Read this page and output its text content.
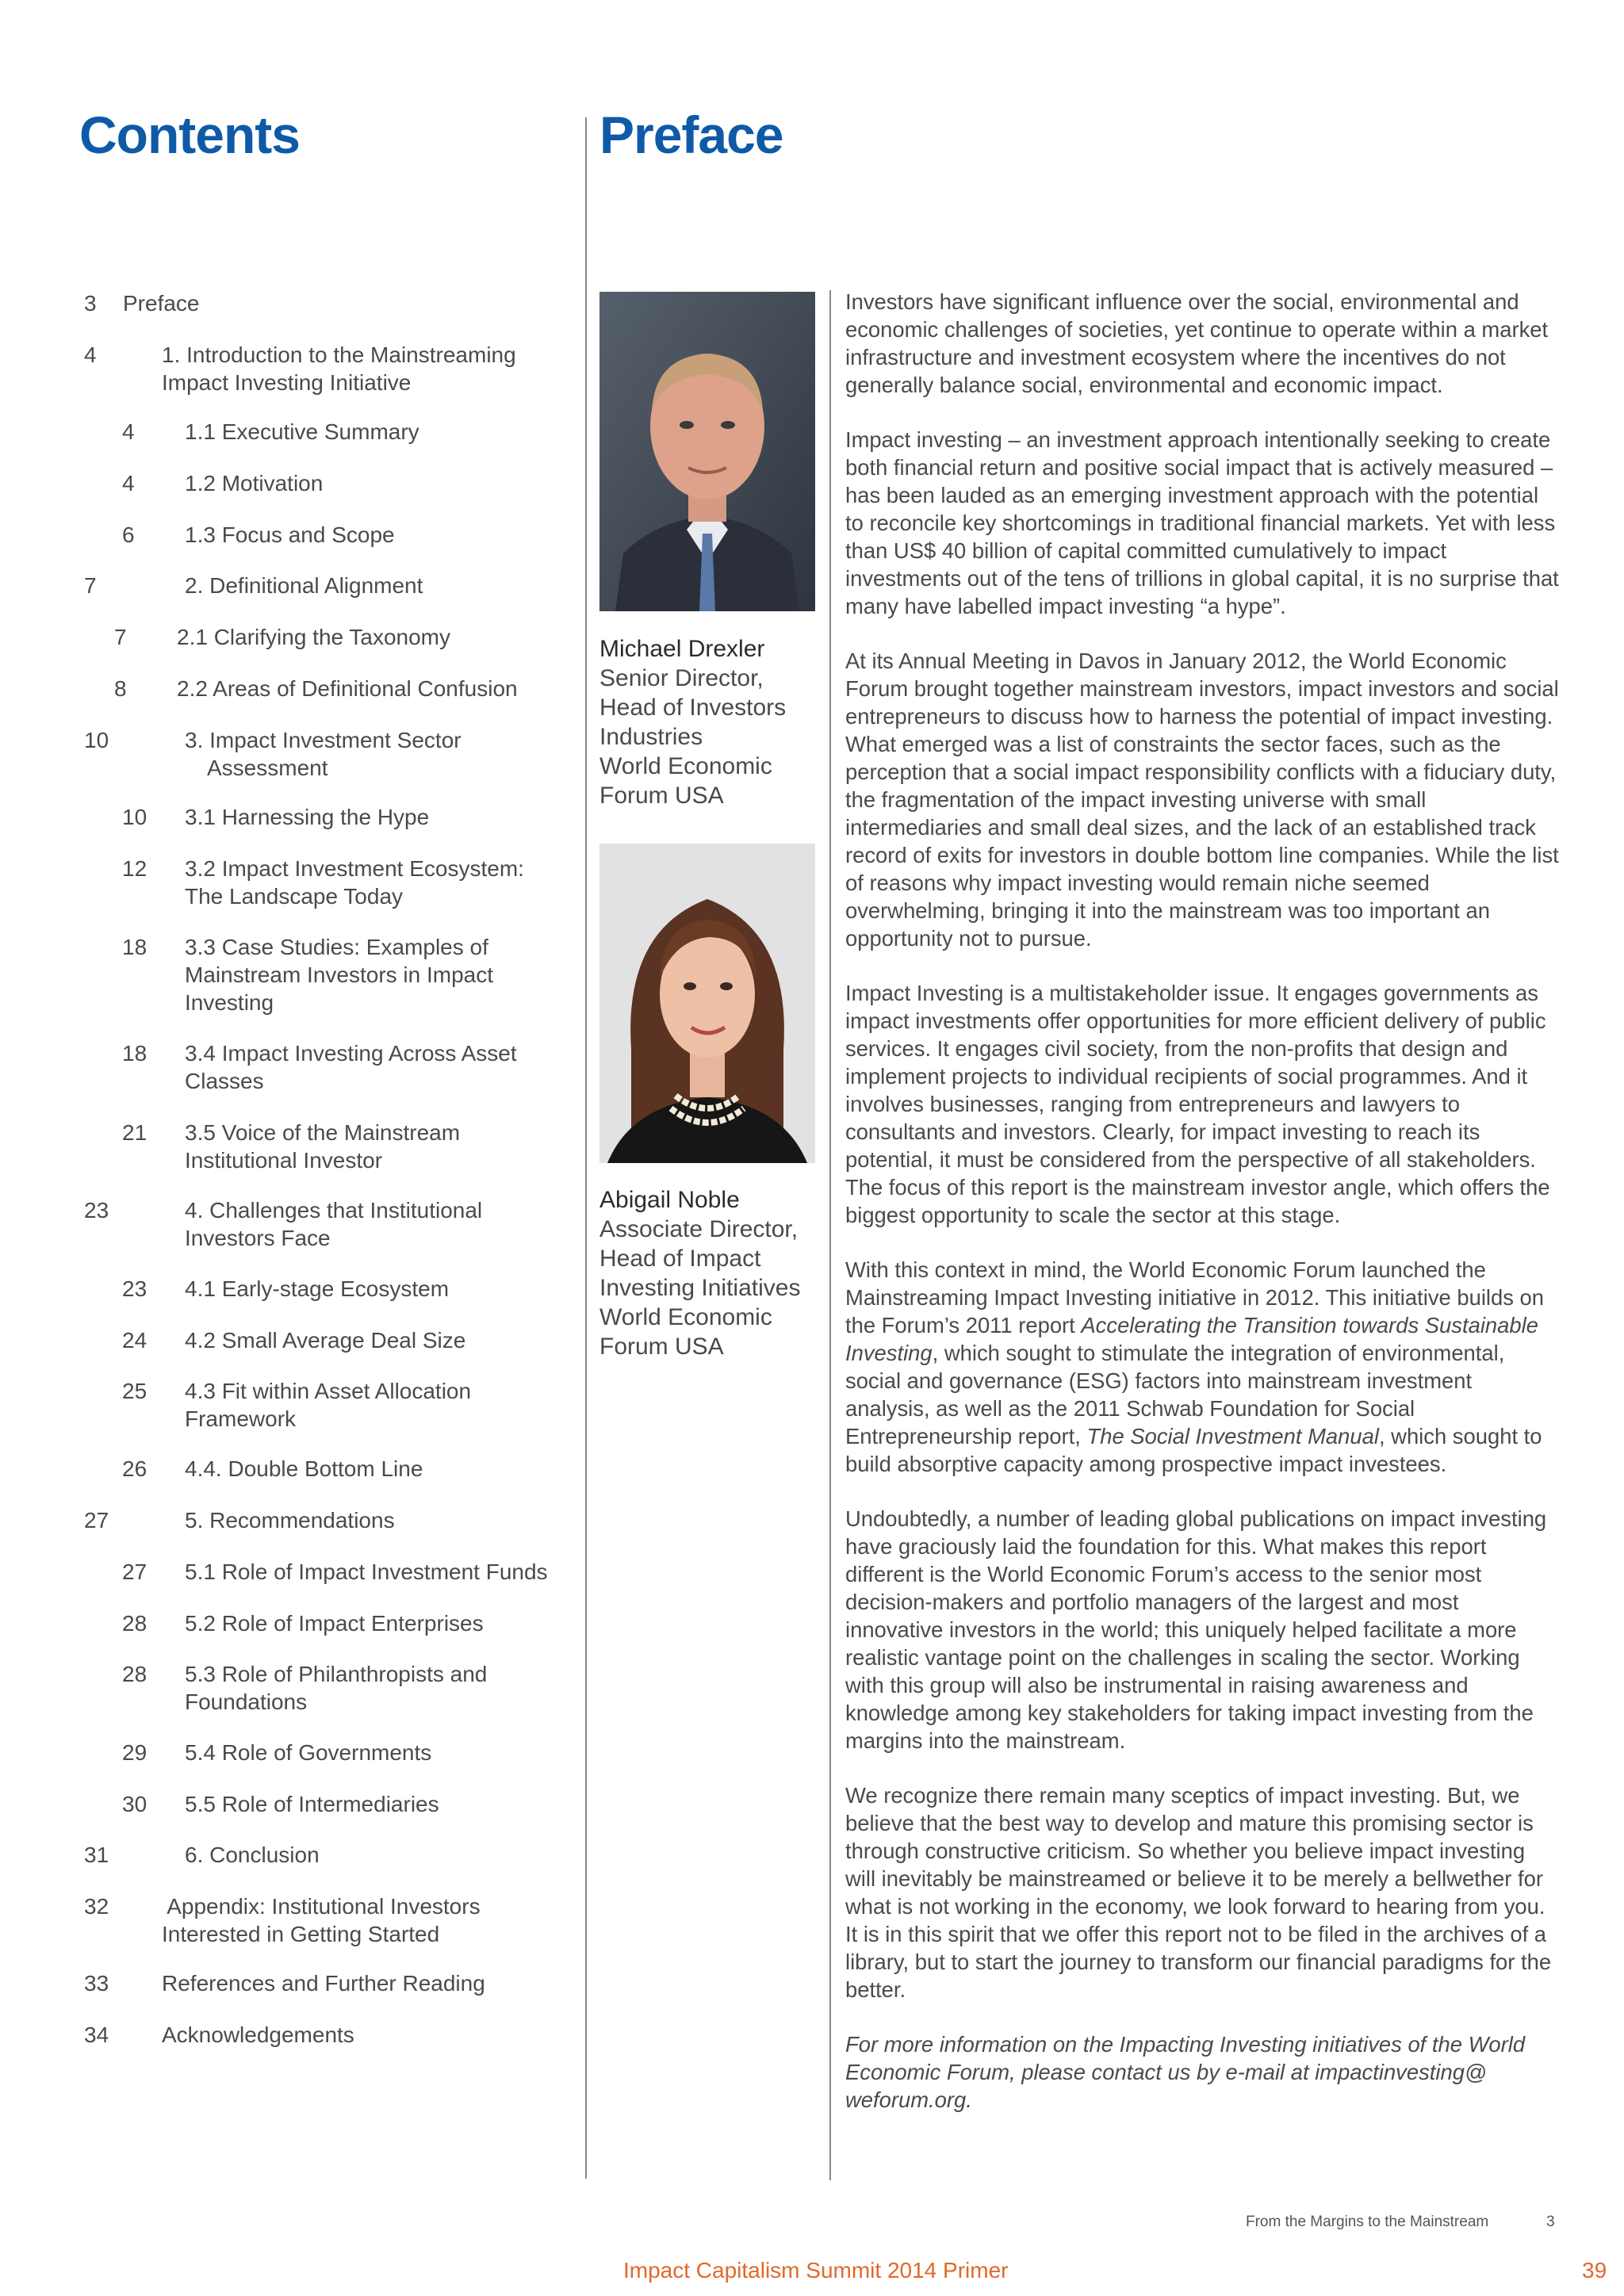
Contents	Preface
3 Preface
4	1. Introduction to the Mainstreaming
Impact Investing Initiative
4 1.1 Executive Summary
4 1.2 Motivation
6 1.3 Focus and Scope
7	2. Definitional Alignment
7 2.1 Clarifying the Taxonomy
8 2.2 Areas of Definitional Confusion
10	3. Impact Investment Sector
Assessment
10 3.1 Harnessing the Hype
12 3.2 Impact Investment Ecosystem:
The Landscape Today
18 3.3 Case Studies: Examples of
Mainstream Investors in Impact
Investing
18 3.4 Impact Investing Across Asset
Classes
21 3.5 Voice of the Mainstream
Institutional Investor
23	4. Challenges that Institutional
Investors Face
23 4.1 Early-stage Ecosystem
24 4.2 Small Average Deal Size
25 4.3 Fit within Asset Allocation
Framework
26 4.4. Double Bottom Line
27	5. Recommendations
27 5.1 Role of Impact Investment Funds
28 5.2 Role of Impact Enterprises
28 5.3 Role of Philanthropists and
Foundations
29 5.4 Role of Governments
30 5.5 Role of Intermediaries
31	6. Conclusion
32 Appendix: Institutional Investors
Interested in Getting Started
33 References and Further Reading
34 Acknowledgements
Michael Drexler
Senior Director,
Head of Investors
Industries
World Economic
Forum USA
Abigail Noble
Associate Director,
Head of Impact
Investing Initiatives
World Economic
Forum USA

Investors have significant influence over the social, environmental and economic challenges of societies, yet continue to operate within a market infrastructure and investment ecosystem where the incentives do not generally balance social, environmental and economic impact.

Impact investing – an investment approach intentionally seeking to create both financial return and positive social impact that is actively measured – has been lauded as an emerging investment approach with the potential to reconcile key shortcomings in traditional financial markets. Yet with less than US$ 40 billion of capital committed cumulatively to impact investments out of the tens of trillions in global capital, it is no surprise that many have labelled impact investing “a hype”.

At its Annual Meeting in Davos in January 2012, the World Economic Forum brought together mainstream investors, impact investors and social entrepreneurs to discuss how to harness the potential of impact investing. What emerged was a list of constraints the sector faces, such as the perception that a social impact responsibility conflicts with a fiduciary duty, the fragmentation of the impact investing universe with small intermediaries and small deal sizes, and the lack of an established track record of exits for investors in double bottom line companies. While the list of reasons why impact investing would remain niche seemed overwhelming, bringing it into the mainstream was too important an opportunity not to pursue.

Impact Investing is a multistakeholder issue. It engages governments as impact investments offer opportunities for more efficient delivery of public services. It engages civil society, from the non-profits that design and implement projects to individual recipients of social programmes. And it involves businesses, ranging from entrepreneurs and lawyers to consultants and investors. Clearly, for impact investing to reach its potential, it must be considered from the perspective of all stakeholders. The focus of this report is the mainstream investor angle, which offers the biggest opportunity to scale the sector at this stage.

With this context in mind, the World Economic Forum launched the Mainstreaming Impact Investing initiative in 2012. This initiative builds on the Forum’s 2011 report Accelerating the Transition towards Sustainable Investing, which sought to stimulate the integration of environmental, social and governance (ESG) factors into mainstream investment analysis, as well as the 2011 Schwab Foundation for Social Entrepreneurship report, The Social Investment Manual, which sought to build absorptive capacity among prospective impact investees.

Undoubtedly, a number of leading global publications on impact investing have graciously laid the foundation for this. What makes this report different is the World Economic Forum’s access to the senior most decision-makers and portfolio managers of the largest and most innovative investors in the world; this uniquely helped facilitate a more realistic vantage point on the challenges in scaling the sector. Working with this group will also be instrumental in raising awareness and knowledge among key stakeholders for taking impact investing from the margins into the mainstream.

We recognize there remain many sceptics of impact investing. But, we believe that the best way to develop and mature this promising sector is through constructive criticism. So whether you believe impact investing will inevitably be mainstreamed or believe it to be merely a bellwether for what is not working in the economy, we look forward to hearing from you. It is in this spirit that we offer this report not to be filed in the archives of a library, but to start the journey to transform our financial paradigms for the better.

For more information on the Impacting Investing initiatives of the World Economic Forum, please contact us by e-mail at impactinvesting@ weforum.org.

From the Margins to the Mainstream	3
Impact Capitalism Summit 2014 Primer	39
